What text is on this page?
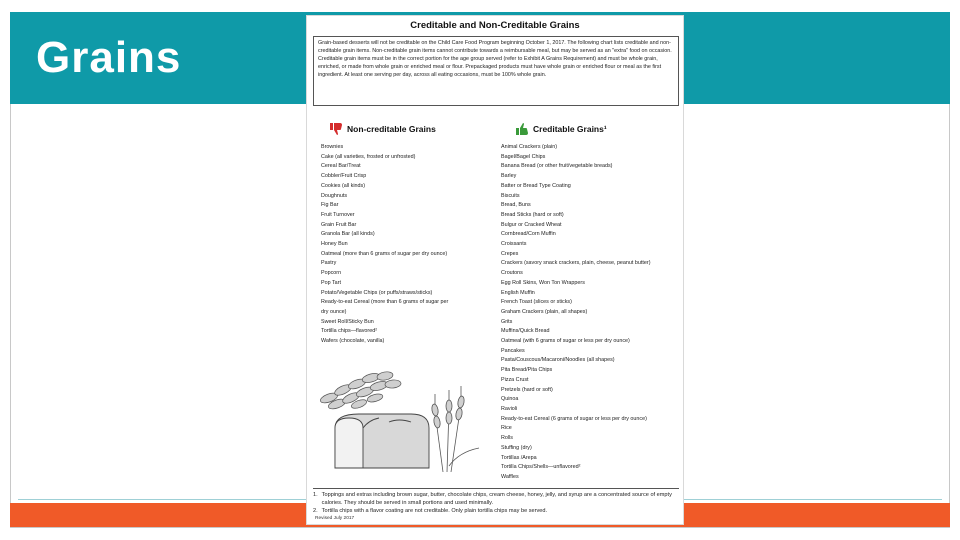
Grains
Creditable and Non-Creditable Grains
Grain-based desserts will not be creditable on the Child Care Food Program beginning October 1, 2017. The following chart lists creditable and non-creditable grain items. Non-creditable grain items cannot contribute towards a reimbursable meal, but may be served as an "extra" food on occasion. Creditable grain items must be in the correct portion for the age group served (refer to Exhibit A Grains Requirement) and must be whole grain, enriched, or made from whole grain or enriched meal or flour. Prepackaged products must have whole grain or enriched flour or meal as the first ingredient. At least one serving per day, across all eating occasions, must be 100% whole grain.
Non-creditable Grains	Creditable Grains¹
Brownies
Cake (all varieties, frosted or unfrosted)
Cereal Bar/Treat
Cobbler/Fruit Crisp
Cookies (all kinds)
Doughnuts
Fig Bar
Fruit Turnover
Grain Fruit Bar
Granola Bar (all kinds)
Honey Bun
Oatmeal (more than 6 grams of sugar per dry ounce)
Pastry
Popcorn
Pop Tart
Potato/Vegetable Chips (or puffs/straws/sticks)
Ready-to-eat Cereal (more than 6 grams of sugar per
dry ounce)
Sweet Roll/Sticky Bun
Tortilla chips—flavored²
Wafers (chocolate, vanilla)
Animal Crackers (plain)
Bagel/Bagel Chips
Banana Bread (or other fruit/vegetable breads)
Barley
Batter or Bread Type Coating
Biscuits
Bread, Buns
Bread Sticks (hard or soft)
Bulgur or Cracked Wheat
Cornbread/Corn Muffin
Croissants
Crepes
Crackers (savory snack crackers, plain, cheese, peanut butter)
Croutons
Egg Roll Skins, Won Ton Wrappers
English Muffin
French Toast (slices or sticks)
Graham Crackers (plain, all shapes)
Grits
Muffins/Quick Bread
Oatmeal (with 6 grams of sugar or less per dry ounce)
Pancakes
Pasta/Couscous/Macaroni/Noodles (all shapes)
Pita Bread/Pita Chips
Pizza Crust
Pretzels (hard or soft)
Quinoa
Ravioli
Ready-to-eat Cereal (6 grams of sugar or less per dry ounce)
Rice
Rolls
Stuffing (dry)
Tortillas /Arepa
Tortilla Chips/Shells—unflavored²
Waffles
1. Toppings and extras including brown sugar, butter, chocolate chips, cream cheese, honey, jelly, and syrup are a concentrated source of empty calories. They should be served in small portions and used minimally.
2. Tortilla chips with a flavor coating are not creditable. Only plain tortilla chips may be served.
Revised July 2017
